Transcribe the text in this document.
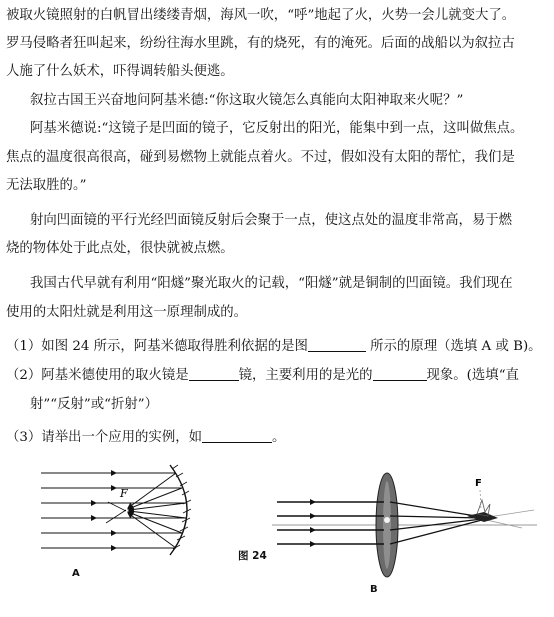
被取火镜照射的白帆冒出缕缕青烟，海风一吹，“呼”地起了火，火势一会儿就变大了。
罗马侵略者狂叫起来，纷纷往海水里跳，有的烧死，有的淹死。后面的战船以为叙拉古
人施了什么妖术，吓得调转船头便逃。
叙拉古国王兴奋地问阿基米德:“你这取火镜怎么真能向太阳神取来火呢？”
阿基米德说:“这镜子是凹面的镜子，它反射出的阳光，能集中到一点，这叫做焦点。
焦点的温度很高很高，碰到易燃物上就能点着火。不过，假如没有太阳的帮忙，我们是
无法取胜的。”
射向凹面镜的平行光经凹面镜反射后会聚于一点，使这点处的温度非常高，易于燃
烧的物体处于此点处，很快就被点燃。
我国古代早就有利用“阳燧”聚光取火的记载，“阳燧”就是铜制的凹面镜。我们现在
使用的太阳灶就是利用这一原理制成的。
（1）如图 24 所示，阿基米德取得胜利依据的是图	所示的原理（选填 A 或 B)。
（2）阿基米德使用的取火镜是	镜，主要利用的是光的	现象。(选填“直
射”“反射”或“折射”）
（3）请举出一个应用的实例，如	。
F
F
图 24
A
B
